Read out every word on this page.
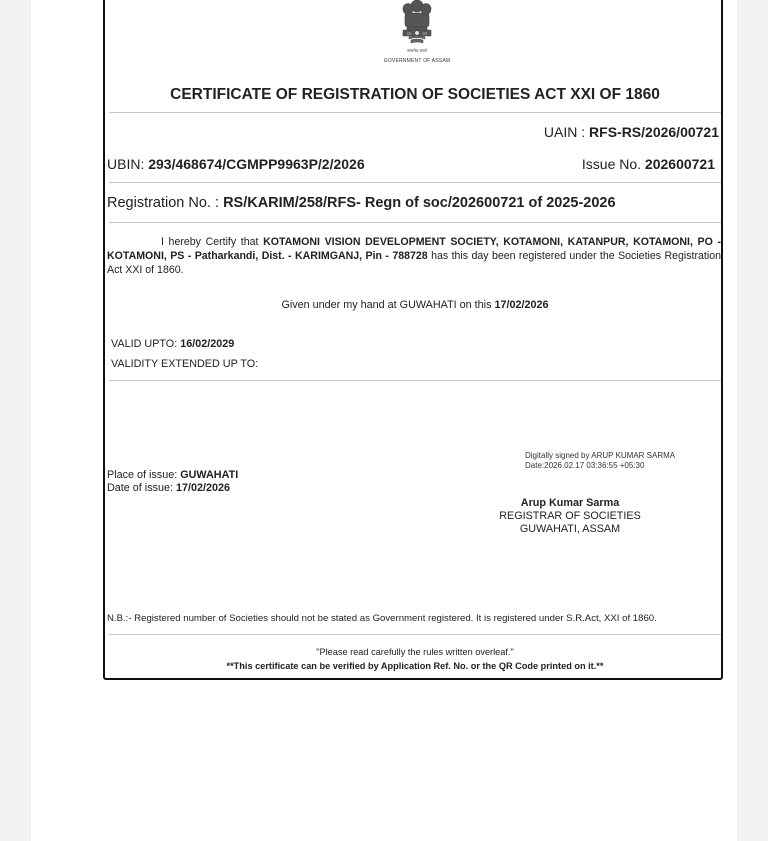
सत्यमेव जयते
GOVERNMENT OF ASSAM
CERTIFICATE OF REGISTRATION OF SOCIETIES ACT XXI OF 1860
UAIN : RFS-RS/2026/00721
UBIN: 293/468674/CGMPP9963P/2/2026	Issue No. 202600721
Registration No. : RS/KARIM/258/RFS- Regn of soc/202600721 of 2025-2026
I hereby Certify that KOTAMONI VISION DEVELOPMENT SOCIETY, KOTAMONI, KATANPUR, KOTAMONI, PO - KOTAMONI, PS - Patharkandi, Dist. - KARIMGANJ, Pin - 788728 has this day been registered under the Societies Registration Act XXI of 1860.
Given under my hand at GUWAHATI on this 17/02/2026
VALID UPTO: 16/02/2029
VALIDITY EXTENDED UP TO:
Digitally signed by ARUP KUMAR SARMA
Date:2026.02.17 03:36:55 +05:30
Place of issue: GUWAHATI
Date of issue: 17/02/2026
Arup Kumar Sarma
REGISTRAR OF SOCIETIES
GUWAHATI, ASSAM
N.B.:- Registered number of Societies should not be stated as Government registered. It is registered under S.R.Act, XXI of 1860.
"Please read carefully the rules written overleaf."
**This certificate can be verified by Application Ref. No. or the QR Code printed on it.**
